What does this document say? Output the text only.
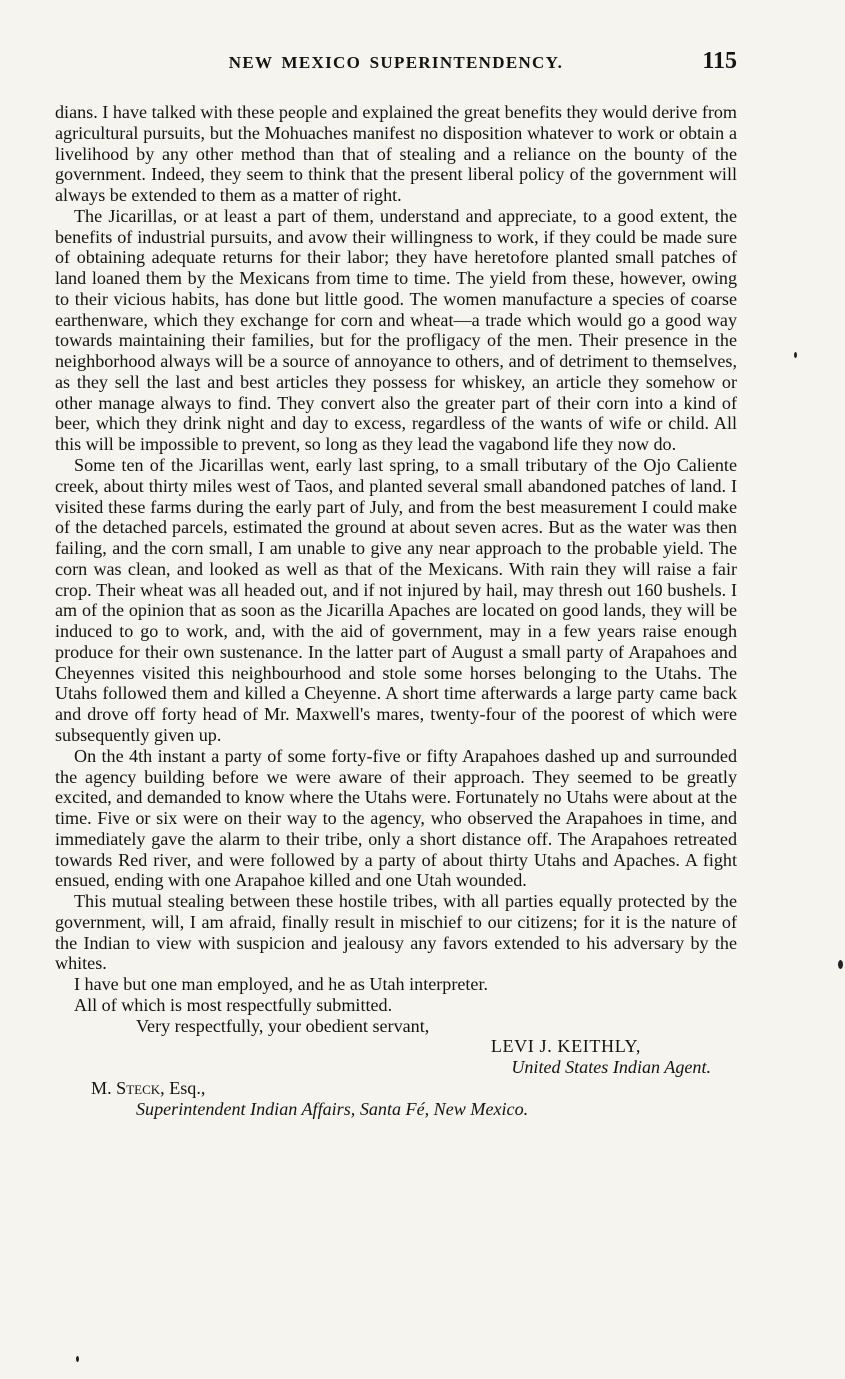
NEW MEXICO SUPERINTENDENCY.	115

dians. I have talked with these people and explained the great benefits they would derive from agricultural pursuits, but the Mohuaches manifest no disposition whatever to work or obtain a livelihood by any other method than that of stealing and a reliance on the bounty of the government. Indeed, they seem to think that the present liberal policy of the government will always be extended to them as a matter of right.

The Jicarillas, or at least a part of them, understand and appreciate, to a good extent, the benefits of industrial pursuits, and avow their willingness to work, if they could be made sure of obtaining adequate returns for their labor; they have heretofore planted small patches of land loaned them by the Mexicans from time to time. The yield from these, however, owing to their vicious habits, has done but little good. The women manufacture a species of coarse earthenware, which they exchange for corn and wheat—a trade which would go a good way towards maintaining their families, but for the profligacy of the men. Their presence in the neighborhood always will be a source of annoyance to others, and of detriment to themselves, as they sell the last and best articles they possess for whiskey, an article they somehow or other manage always to find. They convert also the greater part of their corn into a kind of beer, which they drink night and day to excess, regardless of the wants of wife or child. All this will be impossible to prevent, so long as they lead the vagabond life they now do.

Some ten of the Jicarillas went, early last spring, to a small tributary of the Ojo Caliente creek, about thirty miles west of Taos, and planted several small abandoned patches of land. I visited these farms during the early part of July, and from the best measurement I could make of the detached parcels, estimated the ground at about seven acres. But as the water was then failing, and the corn small, I am unable to give any near approach to the probable yield. The corn was clean, and looked as well as that of the Mexicans. With rain they will raise a fair crop. Their wheat was all headed out, and if not injured by hail, may thresh out 160 bushels. I am of the opinion that as soon as the Jicarilla Apaches are located on good lands, they will be induced to go to work, and, with the aid of government, may in a few years raise enough produce for their own sustenance. In the latter part of August a small party of Arapahoes and Cheyennes visited this neighbourhood and stole some horses belonging to the Utahs. The Utahs followed them and killed a Cheyenne. A short time afterwards a large party came back and drove off forty head of Mr. Maxwell's mares, twenty-four of the poorest of which were subsequently given up.

On the 4th instant a party of some forty-five or fifty Arapahoes dashed up and surrounded the agency building before we were aware of their approach. They seemed to be greatly excited, and demanded to know where the Utahs were. Fortunately no Utahs were about at the time. Five or six were on their way to the agency, who observed the Arapahoes in time, and immediately gave the alarm to their tribe, only a short distance off. The Arapahoes retreated towards Red river, and were followed by a party of about thirty Utahs and Apaches. A fight ensued, ending with one Arapahoe killed and one Utah wounded.

This mutual stealing between these hostile tribes, with all parties equally protected by the government, will, I am afraid, finally result in mischief to our citizens; for it is the nature of the Indian to view with suspicion and jealousy any favors extended to his adversary by the whites.

I have but one man employed, and he as Utah interpreter.

All of which is most respectfully submitted.

Very respectfully, your obedient servant,

LEVI J. KEITHLY,

United States Indian Agent.

M. Steck, Esq.,

Superintendent Indian Affairs, Santa Fé, New Mexico.
